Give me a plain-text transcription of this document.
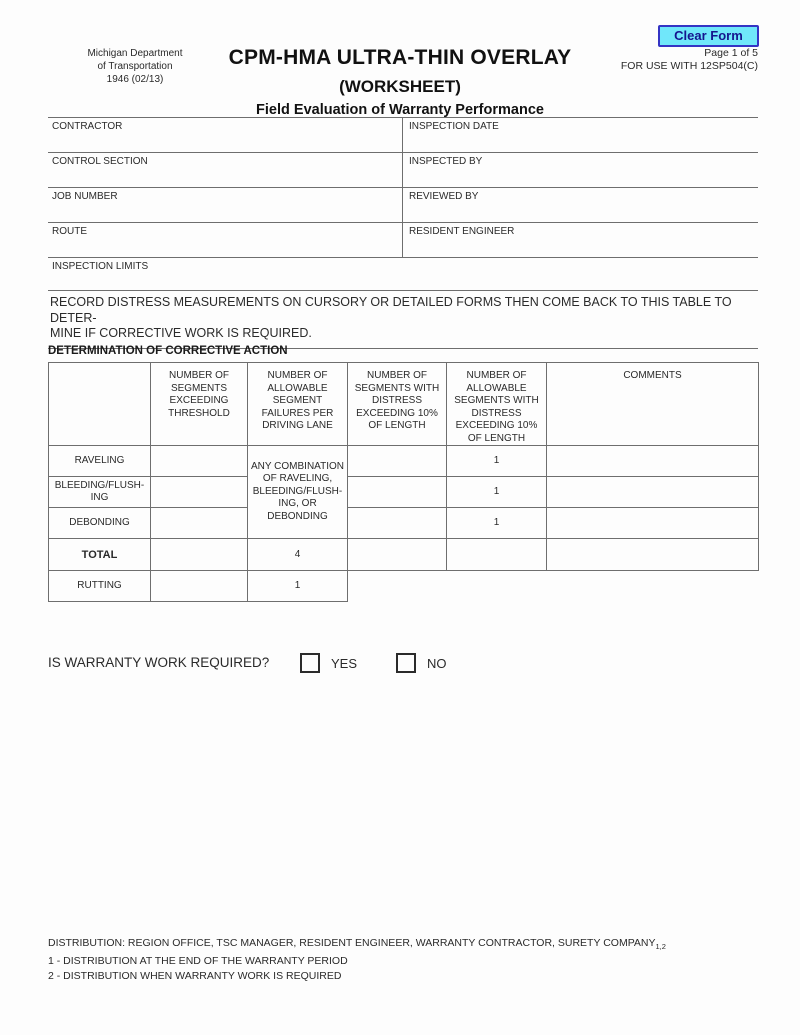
Clear Form
Michigan Department
of Transportation
1946 (02/13)
CPM-HMA ULTRA-THIN OVERLAY
(WORKSHEET)
Field Evaluation of Warranty Performance
Page 1 of 5
FOR USE WITH 12SP504(C)
CONTRACTOR	INSPECTION DATE
CONTROL SECTION	INSPECTED BY
JOB NUMBER	REVIEWED BY
ROUTE	RESIDENT ENGINEER
INSPECTION LIMITS
RECORD DISTRESS MEASUREMENTS ON CURSORY OR DETAILED FORMS THEN COME BACK TO THIS TABLE TO DETER-
MINE IF CORRECTIVE WORK IS REQUIRED.
DETERMINATION OF CORRECTIVE ACTION
	NUMBER OF SEGMENTS EXCEEDING THRESHOLD	NUMBER OF ALLOWABLE SEGMENT FAILURES PER DRIVING LANE	NUMBER OF SEGMENTS WITH DISTRESS EXCEEDING 10% OF LENGTH	NUMBER OF ALLOWABLE SEGMENTS WITH DISTRESS EXCEEDING 10% OF LENGTH	COMMENTS
RAVELING		ANY COMBINATION OF RAVELING, BLEEDING/FLUSH-ING, OR DEBONDING		1	
BLEEDING/FLUSH-ING				1	
DEBONDING				1	
TOTAL		4			
RUTTING		1			
IS WARRANTY WORK REQUIRED?	YES	NO
DISTRIBUTION: REGION OFFICE, TSC MANAGER, RESIDENT ENGINEER, WARRANTY CONTRACTOR, SURETY $COMPANY_{1,2}$
1 - DISTRIBUTION AT THE END OF THE WARRANTY PERIOD
2 - DISTRIBUTION WHEN WARRANTY WORK IS REQUIRED
